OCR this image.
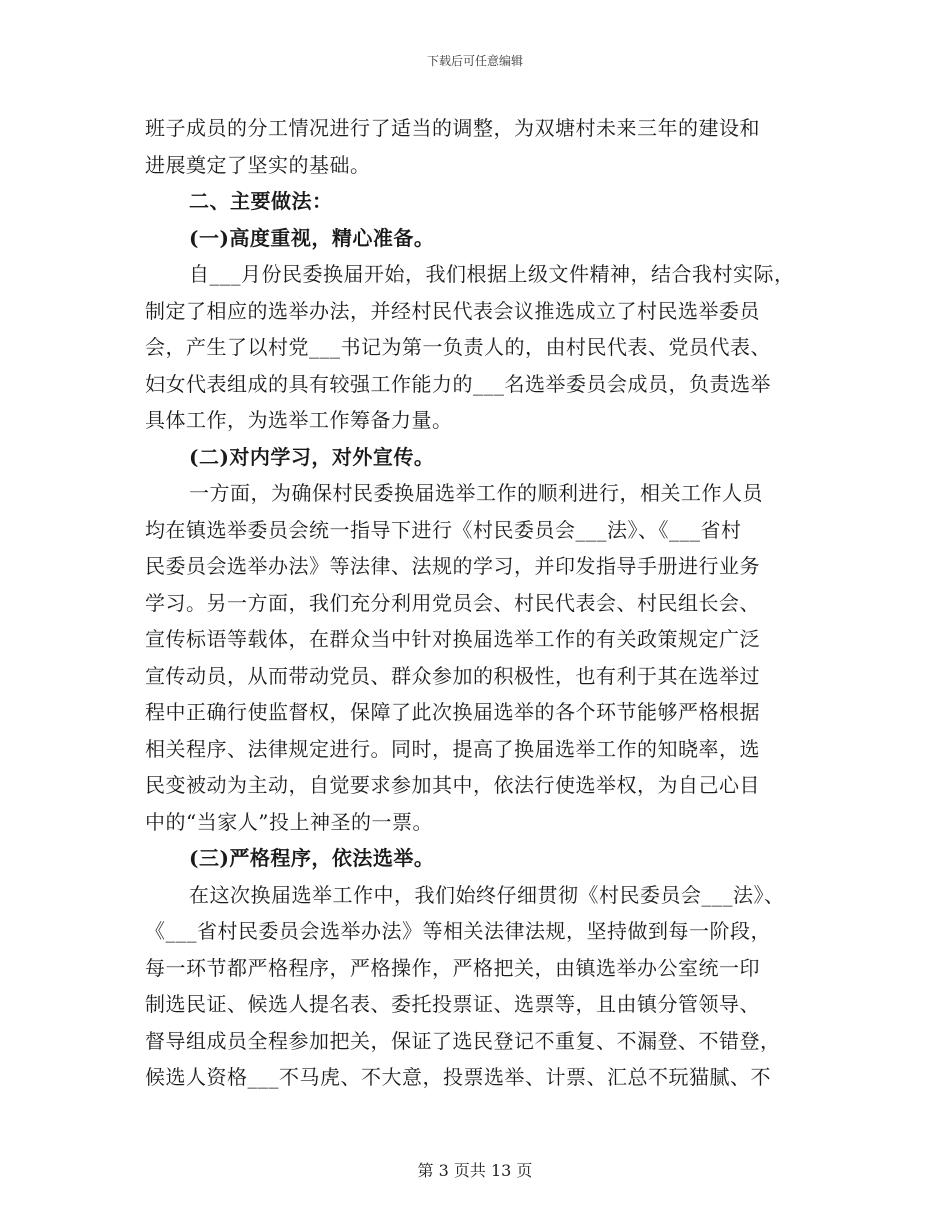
下载后可任意编辑
班子成员的分工情况进行了适当的调整，为双塘村未来三年的建设和
进展奠定了坚实的基础。
二、主要做法：
(一)高度重视，精心准备。
自___月份民委换届开始，我们根据上级文件精神，结合我村实际，
制定了相应的选举办法，并经村民代表会议推选成立了村民选举委员
会，产生了以村党___书记为第一负责人的，由村民代表、党员代表、
妇女代表组成的具有较强工作能力的___名选举委员会成员，负责选举
具体工作，为选举工作筹备力量。
(二)对内学习，对外宣传。
一方面，为确保村民委换届选举工作的顺利进行，相关工作人员
均在镇选举委员会统一指导下进行《村民委员会___法》、《___省村
民委员会选举办法》等法律、法规的学习，并印发指导手册进行业务
学习。另一方面，我们充分利用党员会、村民代表会、村民组长会、
宣传标语等载体，在群众当中针对换届选举工作的有关政策规定广泛
宣传动员，从而带动党员、群众参加的积极性，也有利于其在选举过
程中正确行使监督权，保障了此次换届选举的各个环节能够严格根据
相关程序、法律规定进行。同时，提高了换届选举工作的知晓率，选
民变被动为主动，自觉要求参加其中，依法行使选举权，为自己心目
中的“当家人”投上神圣的一票。
(三)严格程序，依法选举。
在这次换届选举工作中，我们始终仔细贯彻《村民委员会___法》、
《___省村民委员会选举办法》等相关法律法规，坚持做到每一阶段，
每一环节都严格程序，严格操作，严格把关，由镇选举办公室统一印
制选民证、候选人提名表、委托投票证、选票等，且由镇分管领导、
督导组成员全程参加把关，保证了选民登记不重复、不漏登、不错登，
候选人资格___不马虎、不大意，投票选举、计票、汇总不玩猫腻、不
第 3 页共 13 页
